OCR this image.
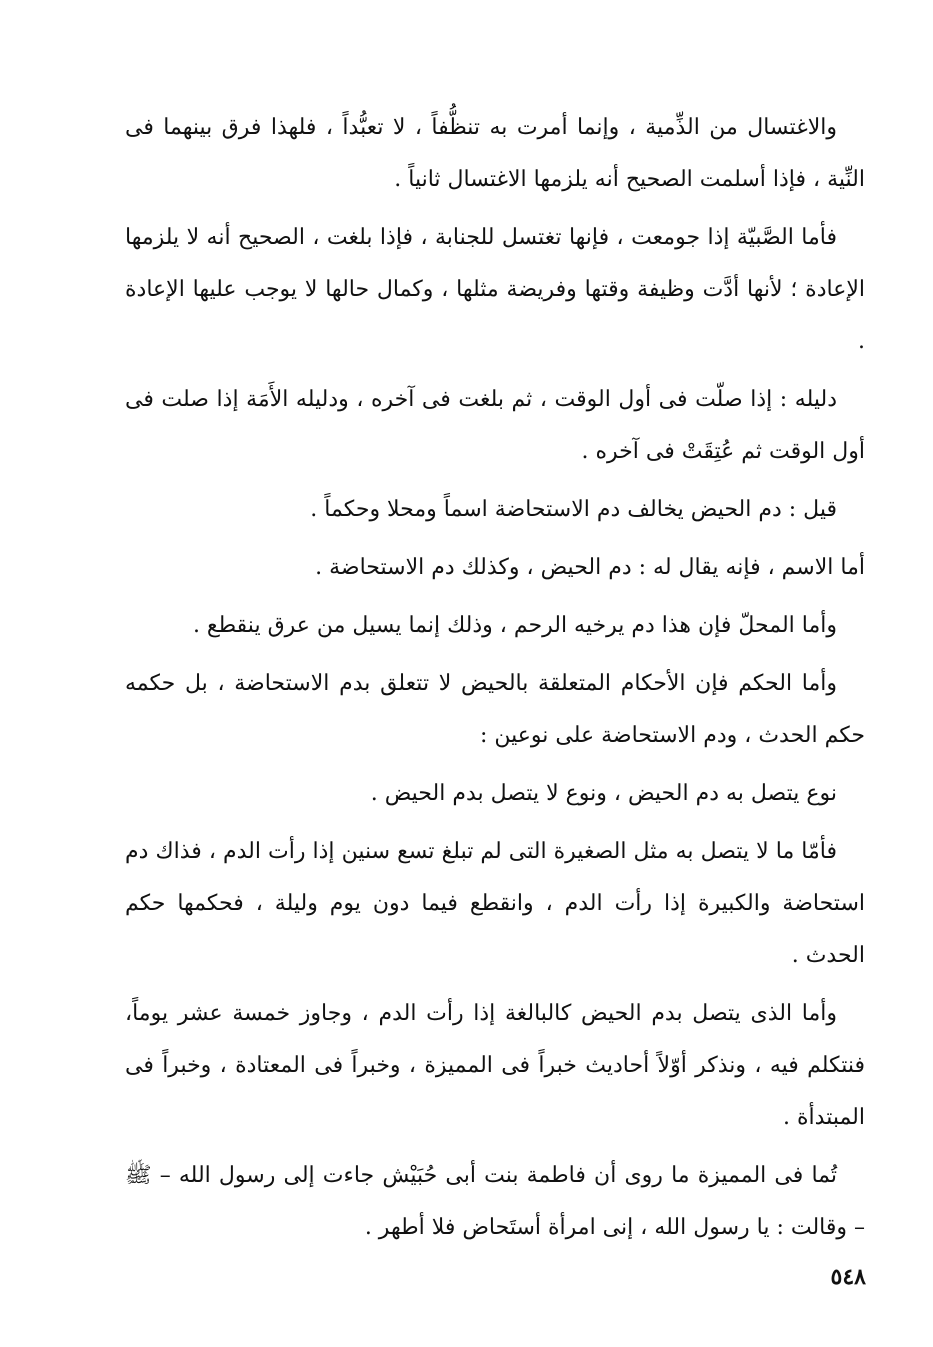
والاغتسال من الذِّمية ، وإنما أمرت به تنظُّفاً ، لا تعبُّداً ، فلهذا فرق بينهما فى النِّية ، فإذا أسلمت الصحيح أنه يلزمها الاغتسال ثانياً .

فأما الصَّبيّة إذا جومعت ، فإنها تغتسل للجنابة ، فإذا بلغت ، الصحيح أنه لا يلزمها الإعادة ؛ لأنها أدَّت وظيفة وقتها وفريضة مثلها ، وكمال حالها لا يوجب عليها الإعادة .

دليله : إذا صلّت فى أول الوقت ، ثم بلغت فى آخره ، ودليله الأَمَة إذا صلت فى أول الوقت ثم عُتِقَتْ فى آخره .

قيل : دم الحيض يخالف دم الاستحاضة اسماً ومحلا وحكماً .

أما الاسم ، فإنه يقال له : دم الحيض ، وكذلك دم الاستحاضة .

وأما المحلّ فإن هذا دم يرخيه الرحم ، وذلك إنما يسيل من عرق ينقطع .

وأما الحكم فإن الأحكام المتعلقة بالحيض لا تتعلق بدم الاستحاضة ، بل حكمه حكم الحدث ، ودم الاستحاضة على نوعين :

نوع يتصل به دم الحيض ، ونوع لا يتصل بدم الحيض .

فأمّا ما لا يتصل به مثل الصغيرة التى لم تبلغ تسع سنين إذا رأت الدم ، فذاك دم استحاضة والكبيرة إذا رأت الدم ، وانقطع فيما دون يوم وليلة ، فحكمها حكم الحدث .

وأما الذى يتصل بدم الحيض كالبالغة إذا رأت الدم ، وجاوز خمسة عشر يوماً، فنتكلم فيه ، ونذكر أوّلاً أحاديث خبراً فى المميزة ، وخبراً فى المعتادة ، وخبراً فى المبتدأة .

تُما فى المميزة ما روى أن فاطمة بنت أبى حُبَيْش جاءت إلى رسول الله – ﷺ – وقالت : يا رسول الله ، إنى امرأة أستَحاض فلا أطهر .

٥٤٨
